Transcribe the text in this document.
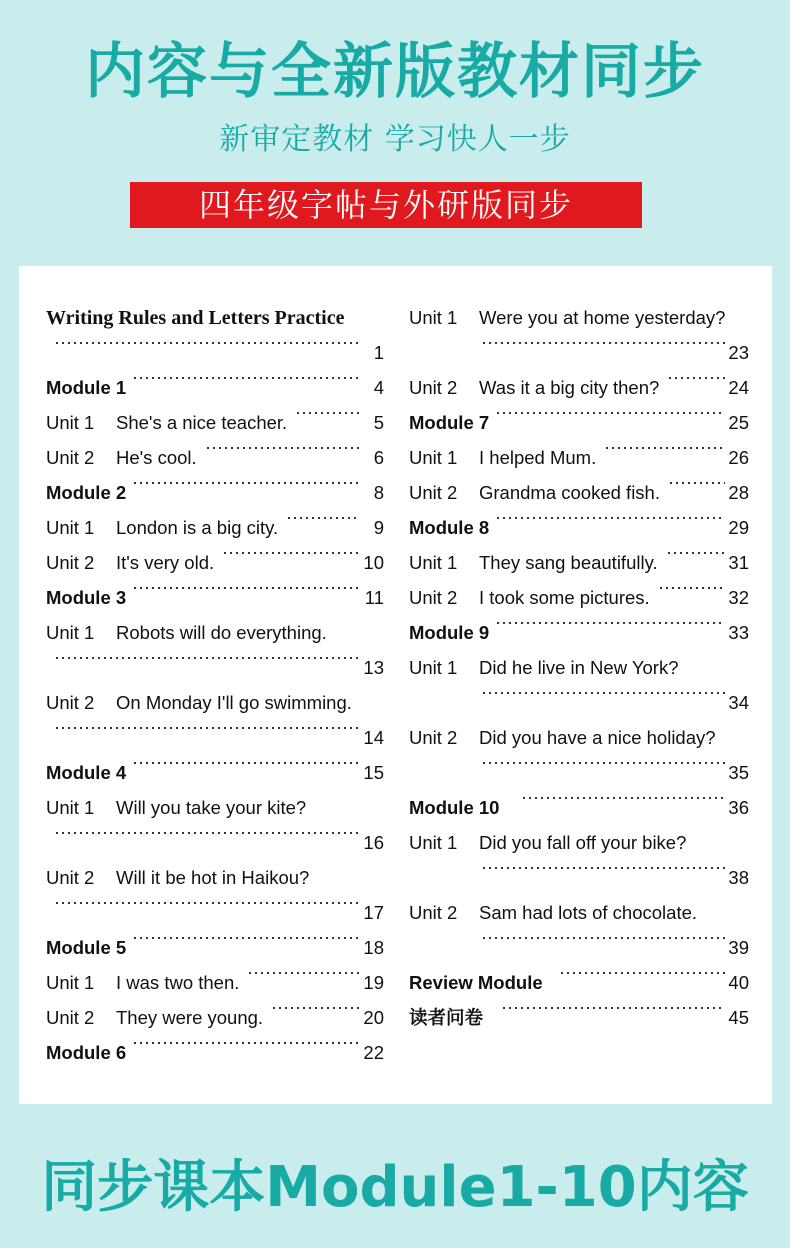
内容与全新版教材同步
新审定教材 学习快人一步
四年级字帖与外研版同步
Writing Rules and Letters Practice
1
Module 1	4
Unit 1 She's a nice teacher.	5
Unit 2 He's cool.	6
Module 2	8
Unit 1 London is a big city.	9
Unit 2 It's very old.	10
Module 3	11
Unit 1 Robots will do everything.
13
Unit 2 On Monday I'll go swimming.
14
Module 4	15
Unit 1 Will you take your kite?
16
Unit 2 Will it be hot in Haikou?
17
Module 5	18
Unit 1 I was two then.	19
Unit 2 They were young.	20
Module 6	22
Unit 1 Were you at home yesterday?
23
Unit 2 Was it a big city then?	24
Module 7	25
Unit 1 I helped Mum.	26
Unit 2 Grandma cooked fish.	28
Module 8	29
Unit 1 They sang beautifully.	31
Unit 2 I took some pictures.	32
Module 9	33
Unit 1 Did he live in New York?
34
Unit 2 Did you have a nice holiday?
35
Module 10	36
Unit 1 Did you fall off your bike?
38
Unit 2 Sam had lots of chocolate.
39
Review Module	40
读者问卷	45
同步课本Module1-10内容
